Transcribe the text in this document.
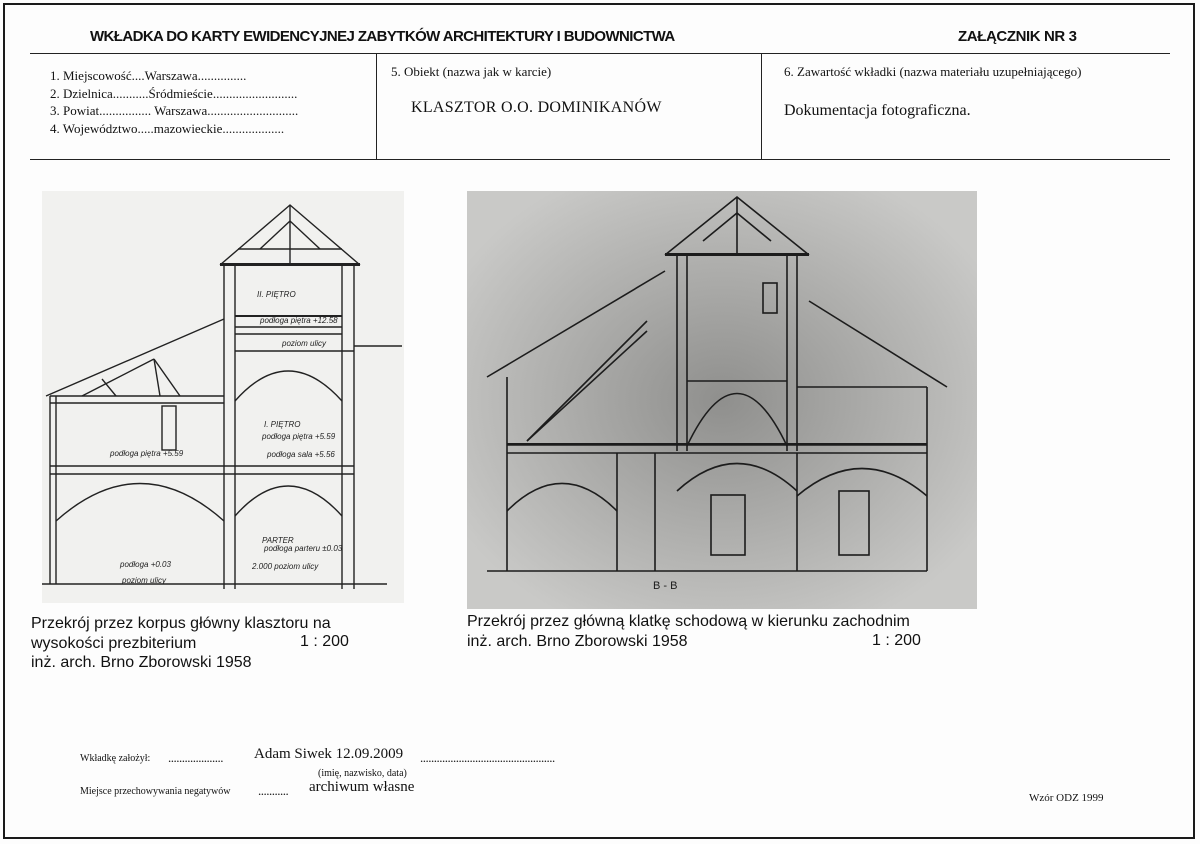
WKŁADKA DO KARTY EWIDENCYJNEJ ZABYTKÓW ARCHITEKTURY I BUDOWNICTWA	ZAŁĄCZNIK NR 3
1. Miejscowość....Warszawa...............
2. Dzielnica...........Śródmieście..........................
3. Powiat................ Warszawa............................
4. Województwo.....mazowieckie...................
5. Obiekt (nazwa jak w karcie)
KLASZTOR O.O. DOMINIKANÓW
6. Zawartość wkładki (nazwa materiału uzupełniającego)
Dokumentacja fotograficzna.
II. PIĘTRO
podłoga piętra +12.58
poziom ulicy
I. PIĘTRO
podłoga piętra +5.59
podłoga sala +5.56
podłoga piętra +5.59
PARTER
podłoga parteru ±0.03
podłoga +0.03
poziom ulicy
2.000 poziom ulicy
B - B
Przekrój przez korpus główny klasztoru na
wysokości prezbiterium
inż. arch. Brno Zborowski 1958
1 : 200
Przekrój przez główną klatkę schodową w kierunku zachodnim
inż. arch. Brno Zborowski 1958	1 : 200
Wkładkę założył: .................... Adam Siwek 12.09.2009 .................................................
(imię, nazwisko, data)
Miejsce przechowywania negatywów ........... archiwum własne
Wzór ODZ 1999
